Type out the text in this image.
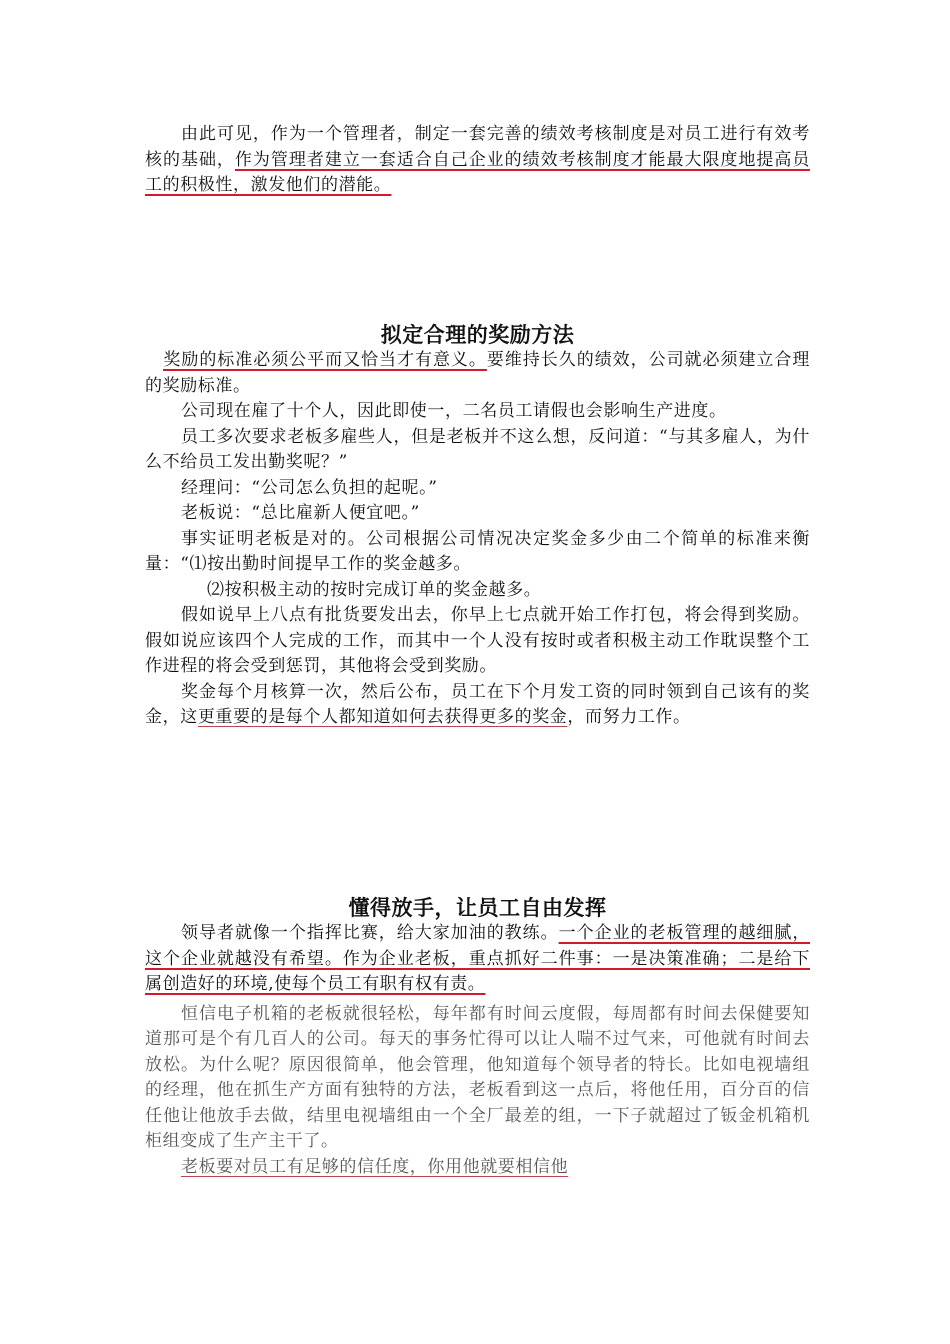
由此可见，作为一个管理者，制定一套完善的绩效考核制度是对员工进行有效考核的基础，作为管理者建立一套适合自己企业的绩效考核制度才能最大限度地提高员工的积极性，激发他们的潜能。

拟定合理的奖励方法

奖励的标准必须公平而又恰当才有意义。要维持长久的绩效，公司就必须建立合理的奖励标准。

公司现在雇了十个人，因此即使一，二名员工请假也会影响生产进度。

员工多次要求老板多雇些人，但是老板并不这么想，反问道：“与其多雇人，为什么不给员工发出勤奖呢？”

经理问：“公司怎么负担的起呢。”

老板说：“总比雇新人便宜吧。”

事实证明老板是对的。公司根据公司情况决定奖金多少由二个简单的标准来衡量：“⑴按出勤时间提早工作的奖金越多。

⑵按积极主动的按时完成订单的奖金越多。

假如说早上八点有批货要发出去，你早上七点就开始工作打包，将会得到奖励。假如说应该四个人完成的工作，而其中一个人没有按时或者积极主动工作耽误整个工作进程的将会受到惩罚，其他将会受到奖励。

奖金每个月核算一次，然后公布，员工在下个月发工资的同时领到自己该有的奖金，这更重要的是每个人都知道如何去获得更多的奖金，而努力工作。

懂得放手，让员工自由发挥

领导者就像一个指挥比赛，给大家加油的教练。一个企业的老板管理的越细腻，这个企业就越没有希望。作为企业老板，重点抓好二件事：一是决策准确；二是给下属创造好的环境,使每个员工有职有权有责。

恒信电子机箱的老板就很轻松，每年都有时间云度假，每周都有时间去保健要知道那可是个有几百人的公司。每天的事务忙得可以让人喘不过气来，可他就有时间去放松。为什么呢？原因很简单，他会管理，他知道每个领导者的特长。比如电视墙组的经理，他在抓生产方面有独特的方法，老板看到这一点后，将他任用，百分百的信任他让他放手去做，结里电视墙组由一个全厂最差的组，一下子就超过了钣金机箱机柜组变成了生产主干了。

老板要对员工有足够的信任度，你用他就要相信他
